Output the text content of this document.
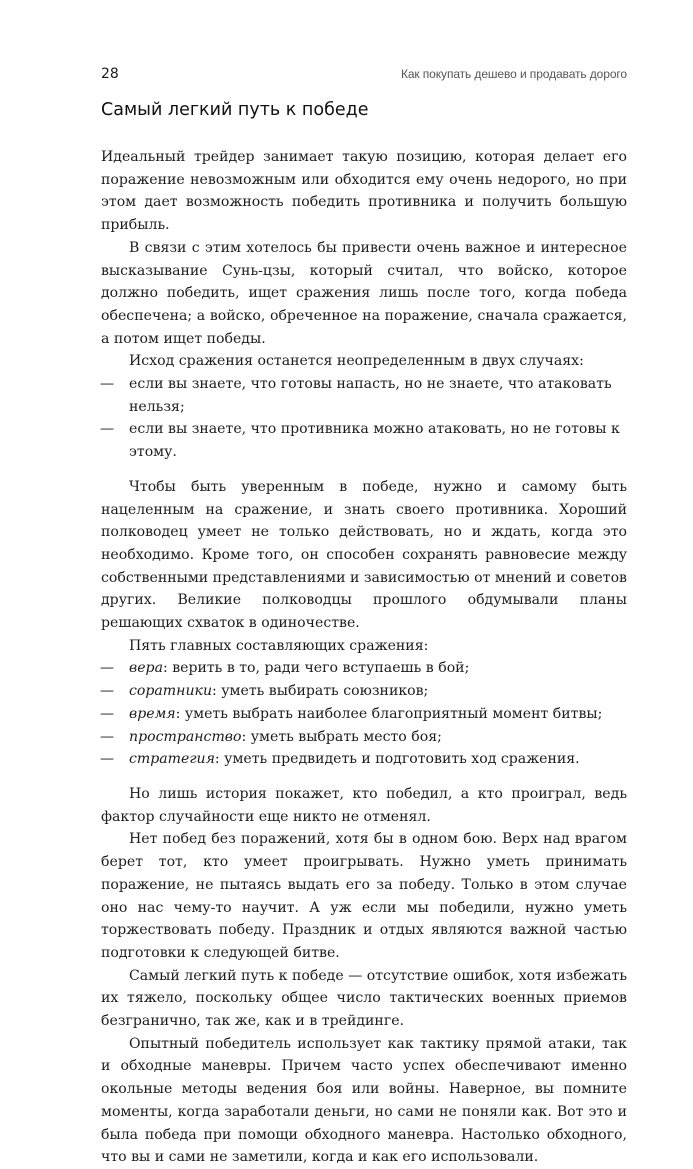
28	Как покупать дешево и продавать дорого
Самый легкий путь к победе

Идеальный трейдер занимает такую позицию, которая делает его поражение невозможным или обходится ему очень недорого, но при этом дает возможность победить противника и получить большую прибыль.

В связи с этим хотелось бы привести очень важное и интересное высказывание Сунь-цзы, который считал, что войско, которое должно победить, ищет сражения лишь после того, когда победа обеспечена; а войско, обреченное на поражение, сначала сражается, а потом ищет победы.

Исход сражения останется неопределенным в двух случаях:

— если вы знаете, что готовы напасть, но не знаете, что атаковать нельзя;
— если вы знаете, что противника можно атаковать, но не готовы к этому.

Чтобы быть уверенным в победе, нужно и самому быть нацеленным на сражение, и знать своего противника. Хороший полководец умеет не только действовать, но и ждать, когда это необходимо. Кроме того, он способен сохранять равновесие между собственными представлениями и зависимостью от мнений и советов других. Великие полководцы прошлого обдумывали планы решающих схваток в одиночестве.

Пять главных составляющих сражения:

— вера: верить в то, ради чего вступаешь в бой;
— соратники: уметь выбирать союзников;
— время: уметь выбрать наиболее благоприятный момент битвы;
— пространство: уметь выбрать место боя;
— стратегия: уметь предвидеть и подготовить ход сражения.

Но лишь история покажет, кто победил, а кто проиграл, ведь фактор случайности еще никто не отменял.

Нет побед без поражений, хотя бы в одном бою. Верх над врагом берет тот, кто умеет проигрывать. Нужно уметь принимать поражение, не пытаясь выдать его за победу. Только в этом случае оно нас чему-то научит. А уж если мы победили, нужно уметь торжествовать победу. Праздник и отдых являются важной частью подготовки к следующей битве.

Самый легкий путь к победе — отсутствие ошибок, хотя избежать их тяжело, поскольку общее число тактических военных приемов безгранично, так же, как и в трейдинге.

Опытный победитель использует как тактику прямой атаки, так и обходные маневры. Причем часто успех обеспечивают именно окольные методы ведения боя или войны. Наверное, вы помните моменты, когда заработали деньги, но сами не поняли как. Вот это и была победа при помощи обходного маневра. Настолько обходного, что вы и сами не заметили, когда и как его использовали.
